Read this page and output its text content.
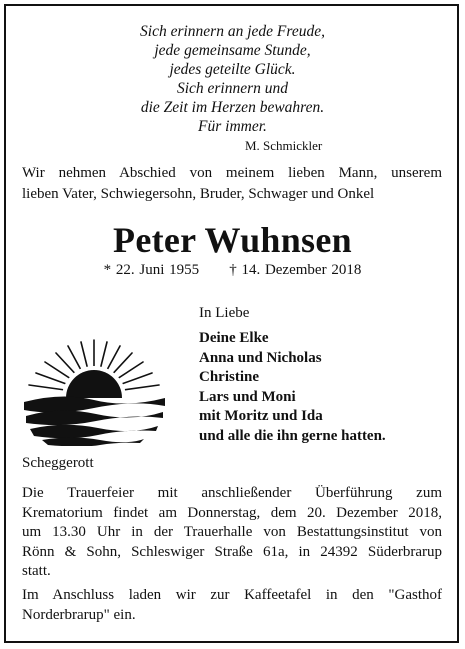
Sich erinnern an jede Freude,
jede gemeinsame Stunde,
jedes geteilte Glück.
Sich erinnern und
die Zeit im Herzen bewahren.
Für immer.
M. Schmickler
Wir nehmen Abschied von meinem lieben Mann, unserem
lieben Vater, Schwiegersohn, Bruder, Schwager und Onkel
Peter Wuhnsen
* 22. Juni 1955 † 14. Dezember 2018
In Liebe
Deine Elke
Anna und Nicholas
Christine
Lars und Moni
mit Moritz und Ida
und alle die ihn gerne hatten.
Scheggerott
Die Trauerfeier mit anschließender Überführung zum
Krematorium findet am Donnerstag, dem 20. Dezember 2018,
um 13.30 Uhr in der Trauerhalle von Bestattungsinstitut von
Rönn & Sohn, Schleswiger Straße 61a, in 24392 Süderbrarup
statt.
Im Anschluss laden wir zur Kaffeetafel in den "Gasthof
Norderbrarup" ein.
